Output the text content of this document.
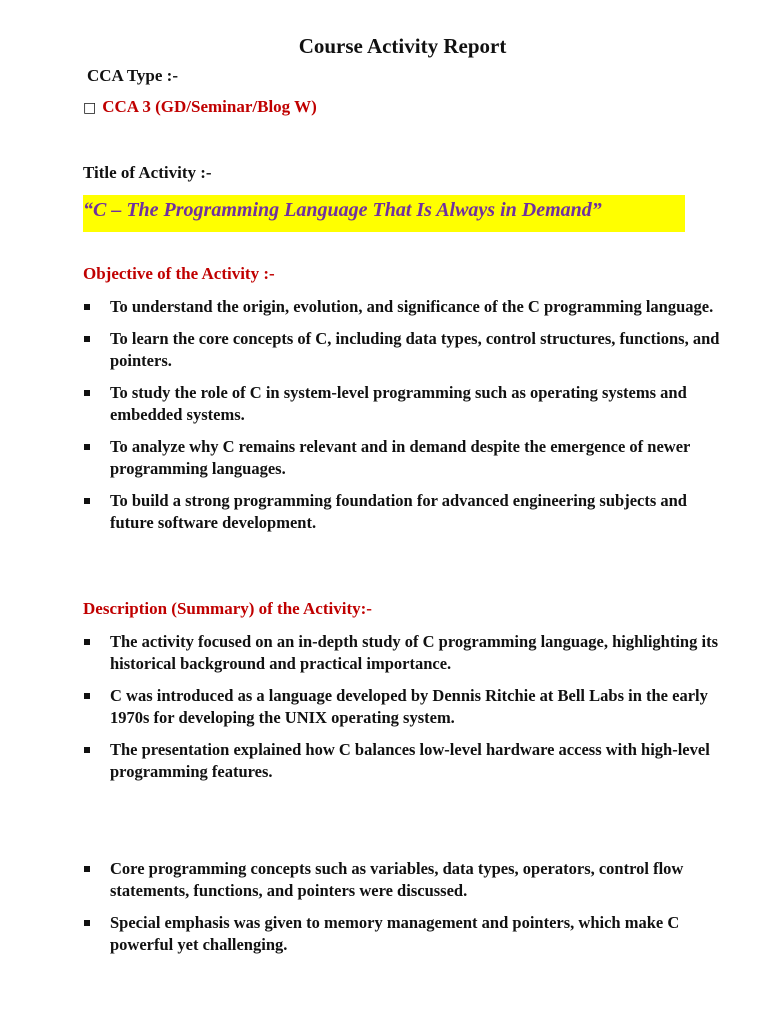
Course Activity Report
CCA Type :-
□ CCA 3 (GD/Seminar/Blog W)
Title of Activity :-
“C – The Programming Language That Is Always in Demand”
Objective of the Activity :-
To understand the origin, evolution, and significance of the C programming language.
To learn the core concepts of C, including data types, control structures, functions, and pointers.
To study the role of C in system-level programming such as operating systems and embedded systems.
To analyze why C remains relevant and in demand despite the emergence of newer programming languages.
To build a strong programming foundation for advanced engineering subjects and future software development.
Description (Summary) of the Activity:-
The activity focused on an in-depth study of C programming language, highlighting its historical background and practical importance.
C was introduced as a language developed by Dennis Ritchie at Bell Labs in the early 1970s for developing the UNIX operating system.
The presentation explained how C balances low-level hardware access with high-level programming features.
Core programming concepts such as variables, data types, operators, control flow statements, functions, and pointers were discussed.
Special emphasis was given to memory management and pointers, which make C powerful yet challenging.
